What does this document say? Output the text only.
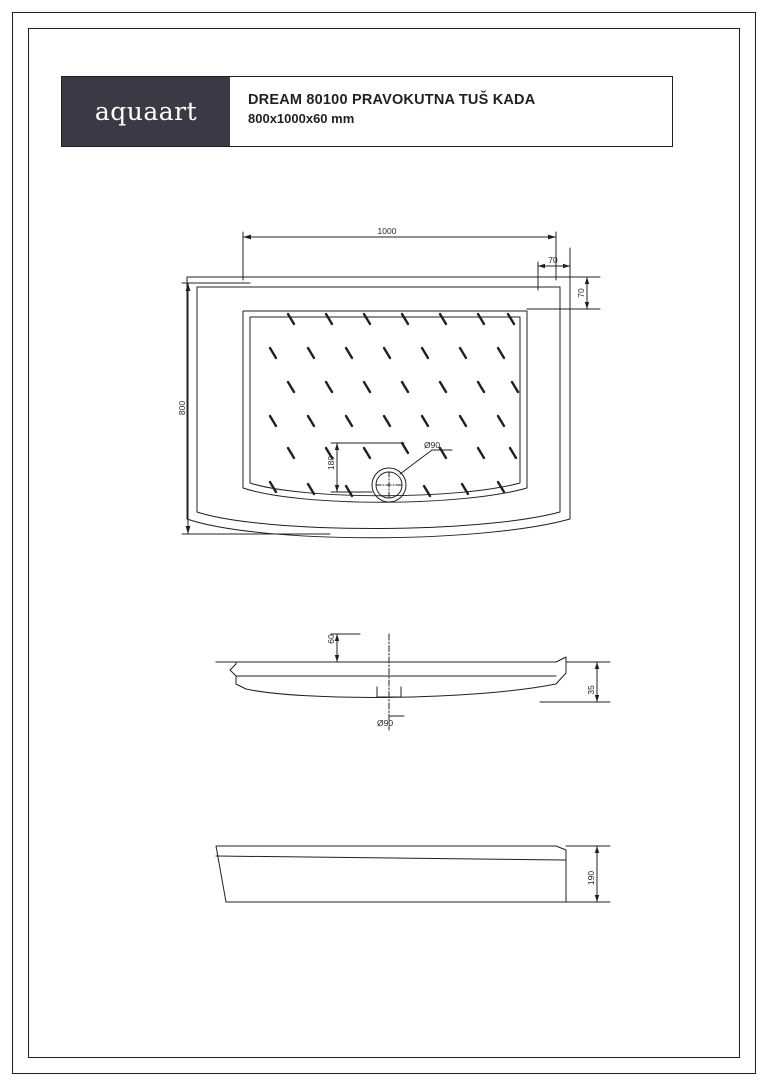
aquaart	DREAM 80100 PRAVOKUTNA TUŠ KADA
800x1000x60 mm
1000
70
70
800
180
Ø90
60
35
Ø90
190
